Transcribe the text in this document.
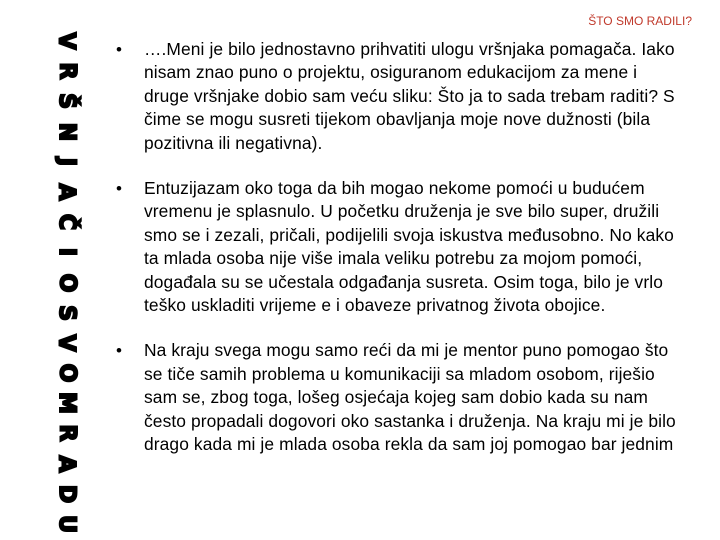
ŠTO SMO RADILI?
V
R
Š
N
J
A
Č
I
O
S
V
O
M
R
A
D
U
•	….Meni je bilo jednostavno prihvatiti ulogu vršnjaka pomagača. Iako nisam znao puno o projektu, osiguranom edukacijom za mene i druge vršnjake dobio sam veću sliku: Što ja to sada trebam raditi? S čime se mogu susreti tijekom obavljanja moje nove dužnosti (bila pozitivna ili negativna).
•	Entuzijazam oko toga da bih mogao nekome pomoći u budućem vremenu je splasnulo. U početku druženja je sve bilo super, družili smo se i zezali, pričali, podijelili svoja iskustva međusobno. No kako ta mlada osoba nije više imala veliku potrebu za mojom pomoći, događala su se učestala odgađanja susreta. Osim toga, bilo je vrlo teško uskladiti vrijeme e i obaveze privatnog života obojice.
•	Na kraju svega mogu samo reći da mi je mentor puno pomogao što se tiče samih problema u komunikaciji sa mladom osobom, riješio sam se, zbog toga, lošeg osjećaja kojeg sam dobio kada su nam često propadali dogovori oko sastanka i druženja. Na kraju mi je bilo drago kada mi je mlada osoba rekla da sam joj pomogao bar jednim
